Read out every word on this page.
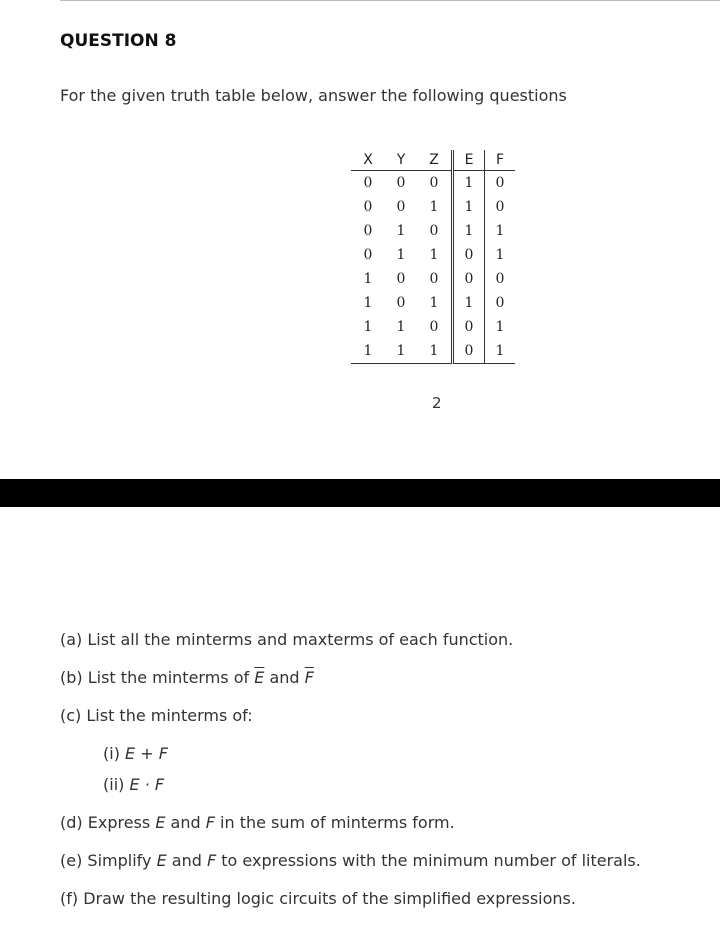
QUESTION 8
For the given truth table below, answer the following questions
X	Y	Z	E	F
0	0	0	1	0
0	0	1	1	0
0	1	0	1	1
0	1	1	0	1
1	0	0	0	0
1	0	1	1	0
1	1	0	0	1
1	1	1	0	1
2
(a) List all the minterms and maxterms of each function.
(b) List the minterms of $\overline{E}$ and $\overline{F}$
(c) List the minterms of:
(i) E + F
(ii) E · F
(d) Express E and F in the sum of minterms form.
(e) Simplify E and F to expressions with the minimum number of literals.
(f) Draw the resulting logic circuits of the simplified expressions.
